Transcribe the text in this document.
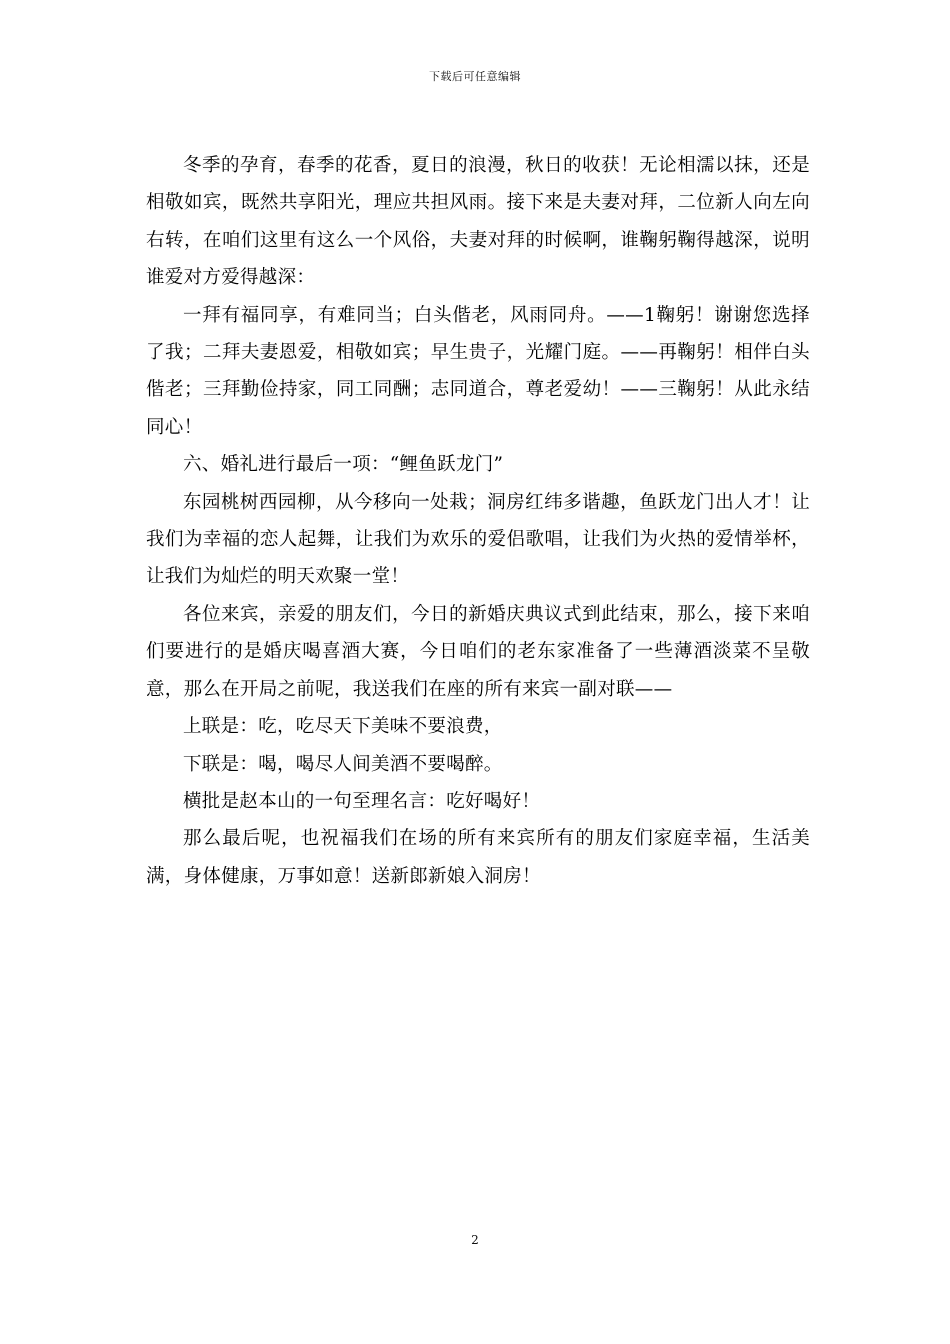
下载后可任意编辑

冬季的孕育，春季的花香，夏日的浪漫，秋日的收获！无论相濡以抹，还是相敬如宾，既然共享阳光，理应共担风雨。接下来是夫妻对拜，二位新人向左向右转，在咱们这里有这么一个风俗，夫妻对拜的时候啊，谁鞠躬鞠得越深，说明谁爱对方爱得越深：

一拜有福同享，有难同当；白头偕老，风雨同舟。——1鞠躬！谢谢您选择了我；二拜夫妻恩爱，相敬如宾；早生贵子，光耀门庭。——再鞠躬！相伴白头偕老；三拜勤俭持家，同工同酬；志同道合，尊老爱幼！——三鞠躬！从此永结同心！

六、婚礼进行最后一项：“鲤鱼跃龙门”

东园桃树西园柳，从今移向一处栽；洞房红纬多谐趣，鱼跃龙门出人才！让我们为幸福的恋人起舞，让我们为欢乐的爱侣歌唱，让我们为火热的爱情举杯，让我们为灿烂的明天欢聚一堂！

各位来宾，亲爱的朋友们，今日的新婚庆典议式到此结束，那么，接下来咱们要进行的是婚庆喝喜酒大赛，今日咱们的老东家准备了一些薄酒淡菜不呈敬意，那么在开局之前呢，我送我们在座的所有来宾一副对联——

上联是：吃，吃尽天下美味不要浪费，

下联是：喝，喝尽人间美酒不要喝醉。

横批是赵本山的一句至理名言：吃好喝好！

那么最后呢，也祝福我们在场的所有来宾所有的朋友们家庭幸福，生活美满，身体健康，万事如意！送新郎新娘入洞房！

2
